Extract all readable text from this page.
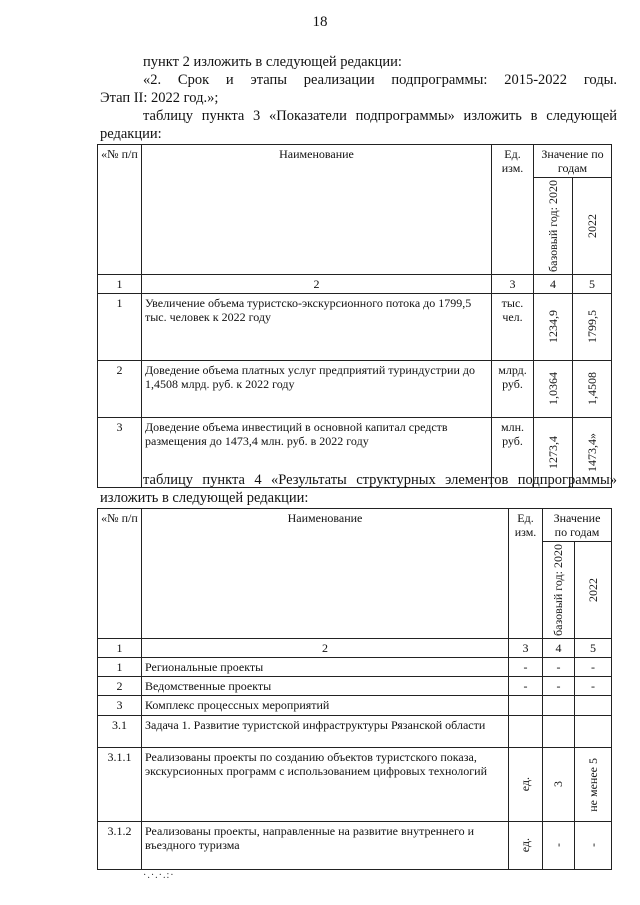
18
пункт 2 изложить в следующей редакции:
«2. Срок и этапы реализации подпрограммы: 2015-2022 годы.
Этап II: 2022 год.»;
таблицу пункта 3 «Показатели подпрограммы» изложить в следующей
редакции:
«№ п/п	Наименование	Ед. изм.	Значение по годам	

			базовый год: 2020	2022

1	2	3	4	5
1	Увеличение объема туристско-экскурсионного потока до 1799,5 тыс. человек к 2022 году	тыс. чел.	1234,9	1799,5

2	Доведение объема платных услуг предприятий туриндустрии до 1,4508 млрд. руб. к 2022 году	млрд. руб.	1,0364	1,4508

3	Доведение объема инвестиций в основной капитал средств размещения до 1473,4 млн. руб. в 2022 году	млн. руб.	1273,4	1473,4»
таблицу пункта 4 «Результаты структурных элементов подпрограммы»
изложить в следующей редакции:
«№ п/п	Наименование	Ед. изм.	Значение по годам	

			базовый год: 2020	2022

1	2	3	4	5
1	Региональные проекты	-	-	-
2	Ведомственные проекты	-	-	-
3	Комплекс процессных мероприятий			
3.1	Задача 1. Развитие туристской инфраструктуры Рязанской области			
3.1.1	Реализованы проекты по созданию объектов туристского показа, экскурсионных программ с использованием цифровых технологий	ед.	3	не менее 5

3.1.2	Реализованы проекты, направленные на развитие внутреннего и въездного туризма	ед.	-	-
·.·.·.:·
